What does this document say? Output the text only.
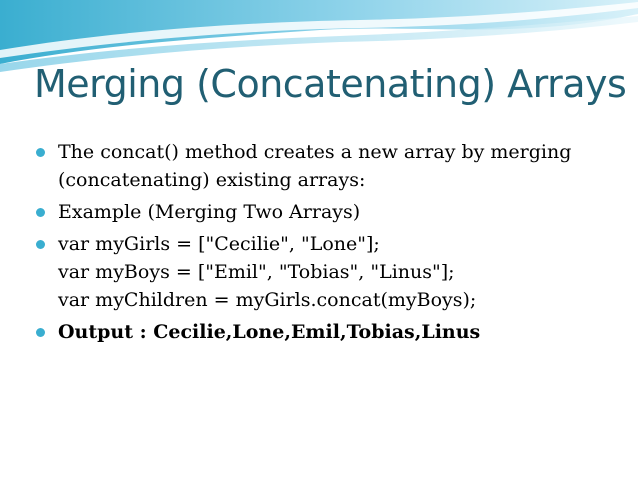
Merging (Concatenating) Arrays
The concat() method creates a new array by merging
(concatenating) existing arrays:
Example (Merging Two Arrays)
var myGirls = ["Cecilie", "Lone"];
var myBoys = ["Emil", "Tobias", "Linus"];
var myChildren = myGirls.concat(myBoys);
Output : Cecilie,Lone,Emil,Tobias,Linus
